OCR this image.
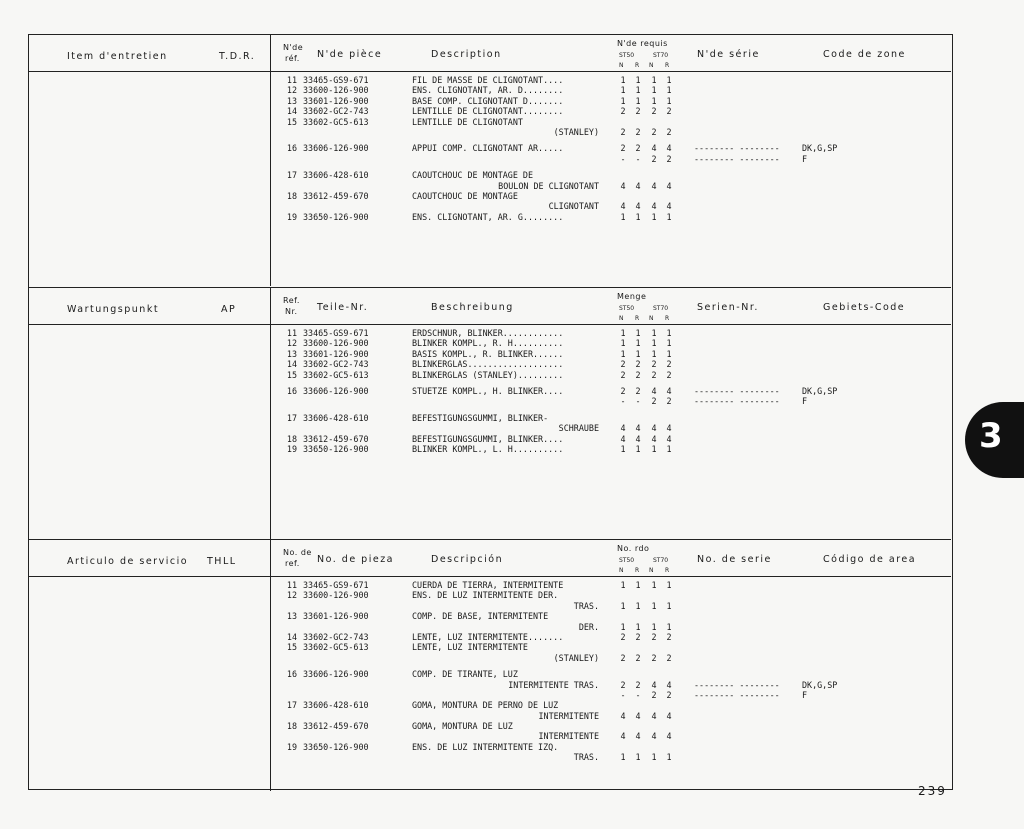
Item d'entretien	T.D.R.
N'de
réf. N'de pièce	Description
N'de requis
ST50	ST70
N R N R
N'de série	Code de zone
11 33465-GS9-671	FIL DE MASSE DE CLIGNOTANT....	1 1 1 1
12 33600-126-900	ENS. CLIGNOTANT, AR. D........	1 1 1 1
13 33601-126-900	BASE COMP. CLIGNOTANT D.......	1 1 1 1
14 33602-GC2-743	LENTILLE DE CLIGNOTANT........	2 2 2 2
15 33602-GC5-613	LENTILLE DE CLIGNOTANT
(STANLEY)	2 2 2 2
16 33606-126-900	APPUI COMP. CLIGNOTANT AR.....	2 2 4 4	-------- --------	DK,G,SP
- - 2 2	-------- --------	F
17 33606-428-610	CAOUTCHOUC DE MONTAGE DE
BOULON DE CLIGNOTANT	4 4 4 4
18 33612-459-670	CAOUTCHOUC DE MONTAGE
CLIGNOTANT	4 4 4 4
19 33650-126-900	ENS. CLIGNOTANT, AR. G........	1 1 1 1
Wartungspunkt	AP
Ref.
Nr. Teile-Nr.	Beschreibung
Menge
ST50	ST70
N R N R
Serien-Nr.	Gebiets-Code
11 33465-GS9-671	ERDSCHNUR, BLINKER............	1 1 1 1
12 33600-126-900	BLINKER KOMPL., R. H..........	1 1 1 1
13 33601-126-900	BASIS KOMPL., R. BLINKER......	1 1 1 1
14 33602-GC2-743	BLINKERGLAS...................	2 2 2 2
15 33602-GC5-613	BLINKERGLAS (STANLEY).........	2 2 2 2
16 33606-126-900	STUETZE KOMPL., H. BLINKER....	2 2 4 4	-------- --------	DK,G,SP
- - 2 2	-------- --------	F
17 33606-428-610	BEFESTIGUNGSGUMMI, BLINKER-
SCHRAUBE	4 4 4 4
18 33612-459-670	BEFESTIGUNGSGUMMI, BLINKER....	4 4 4 4
19 33650-126-900	BLINKER KOMPL., L. H..........	1 1 1 1
Articulo de servicio THLL
No. de
ref. No. de pieza	Descripción
No. rdo
ST50	ST70
N R N R
No. de serie	Código de area
11 33465-GS9-671	CUERDA DE TIERRA, INTERMITENTE	1 1 1 1
12 33600-126-900	ENS. DE LUZ INTERMITENTE DER.
TRAS.	1 1 1 1
13 33601-126-900	COMP. DE BASE, INTERMITENTE
DER.	1 1 1 1
14 33602-GC2-743	LENTE, LUZ INTERMITENTE.......	2 2 2 2
15 33602-GC5-613	LENTE, LUZ INTERMITENTE
(STANLEY)	2 2 2 2
16 33606-126-900	COMP. DE TIRANTE, LUZ
INTERMITENTE TRAS.	2 2 4 4	-------- --------	DK,G,SP
- - 2 2	-------- --------	F
17 33606-428-610	GOMA, MONTURA DE PERNO DE LUZ
INTERMITENTE	4 4 4 4
18 33612-459-670	GOMA, MONTURA DE LUZ
INTERMITENTE	4 4 4 4
19 33650-126-900	ENS. DE LUZ INTERMITENTE IZQ.
TRAS.	1 1 1 1
3
239
